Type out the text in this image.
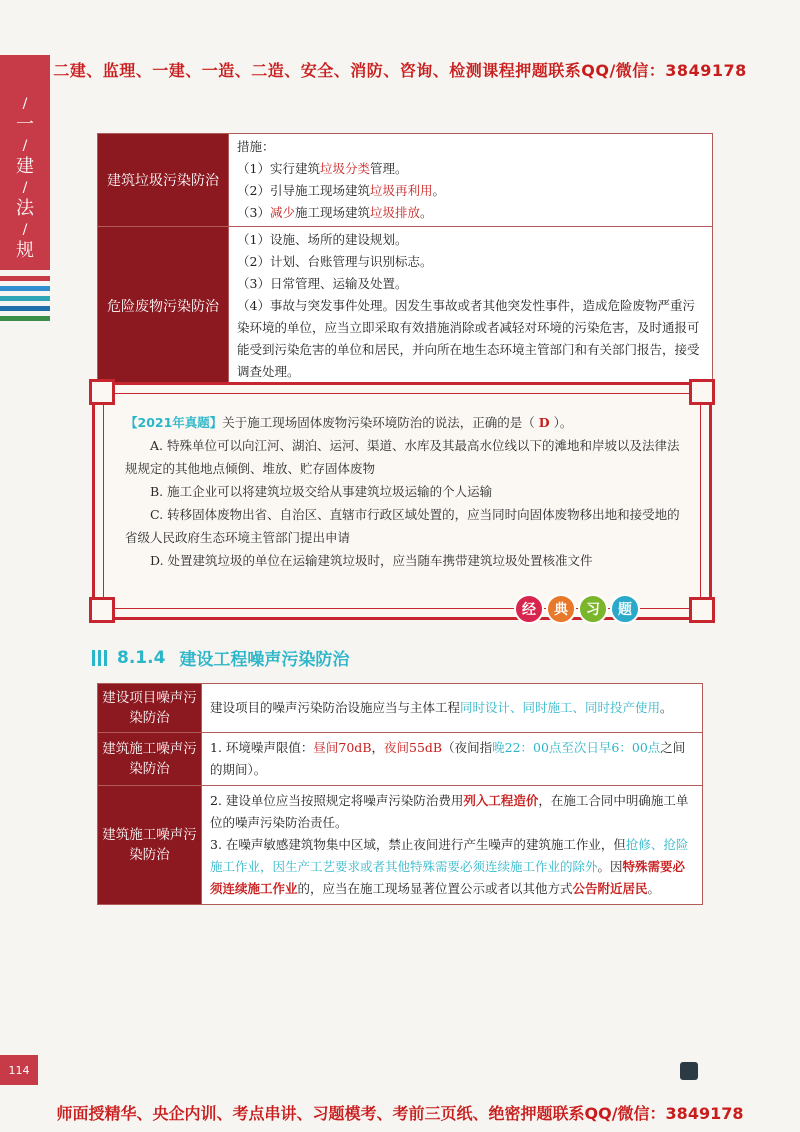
二建、监理、一建、一造、二造、安全、消防、咨询、检测课程押题联系QQ/微信：3849178
/
一
/
建
/
法
/
规
建筑垃圾污染防治	措施：
（1）实行建筑垃圾分类管理。
（2）引导施工现场建筑垃圾再利用。
（3）减少施工现场建筑垃圾排放。

危险废物污染防治	（1）设施、场所的建设规划。
（2）计划、台账管理与识别标志。
（3）日常管理、运输及处置。
（4）事故与突发事件处理。因发生事故或者其他突发性事件，造成危险废物严重污染环境的单位，应当立即采取有效措施消除或者减轻对环境的污染危害，及时通报可能受到污染危害的单位和居民，并向所在地生态环境主管部门和有关部门报告，接受调查处理。
【2021年真题】关于施工现场固体废物污染环境防治的说法，正确的是（ D ）。
A. 特殊单位可以向江河、湖泊、运河、渠道、水库及其最高水位线以下的滩地和岸坡以及法律法规规定的其他地点倾倒、堆放、贮存固体废物
B. 施工企业可以将建筑垃圾交给从事建筑垃圾运输的个人运输
C. 转移固体废物出省、自治区、直辖市行政区域处置的，应当同时向固体废物移出地和接受地的省级人民政府生态环境主管部门提出申请
D. 处置建筑垃圾的单位在运输建筑垃圾时，应当随车携带建筑垃圾处置核准文件
经	典	习	题
8.1.4 建设工程噪声污染防治
建设项目噪声污染防治	建设项目的噪声污染防治设施应当与主体工程同时设计、同时施工、同时投产使用。
建筑施工噪声污染防治	1. 环境噪声限值：昼间70dB，夜间55dB（夜间指晚22：00点至次日早6：00点之间的期间）。
建筑施工噪声污染防治	2. 建设单位应当按照规定将噪声污染防治费用列入工程造价，在施工合同中明确施工单位的噪声污染防治责任。
3. 在噪声敏感建筑物集中区域，禁止夜间进行产生噪声的建筑施工作业，但抢修、抢险施工作业，因生产工艺要求或者其他特殊需要必须连续施工作业的除外。因特殊需要必须连续施工作业的，应当在施工现场显著位置公示或者以其他方式公告附近居民。
114
师面授精华、央企内训、考点串讲、习题模考、考前三页纸、绝密押题联系QQ/微信：3849178
